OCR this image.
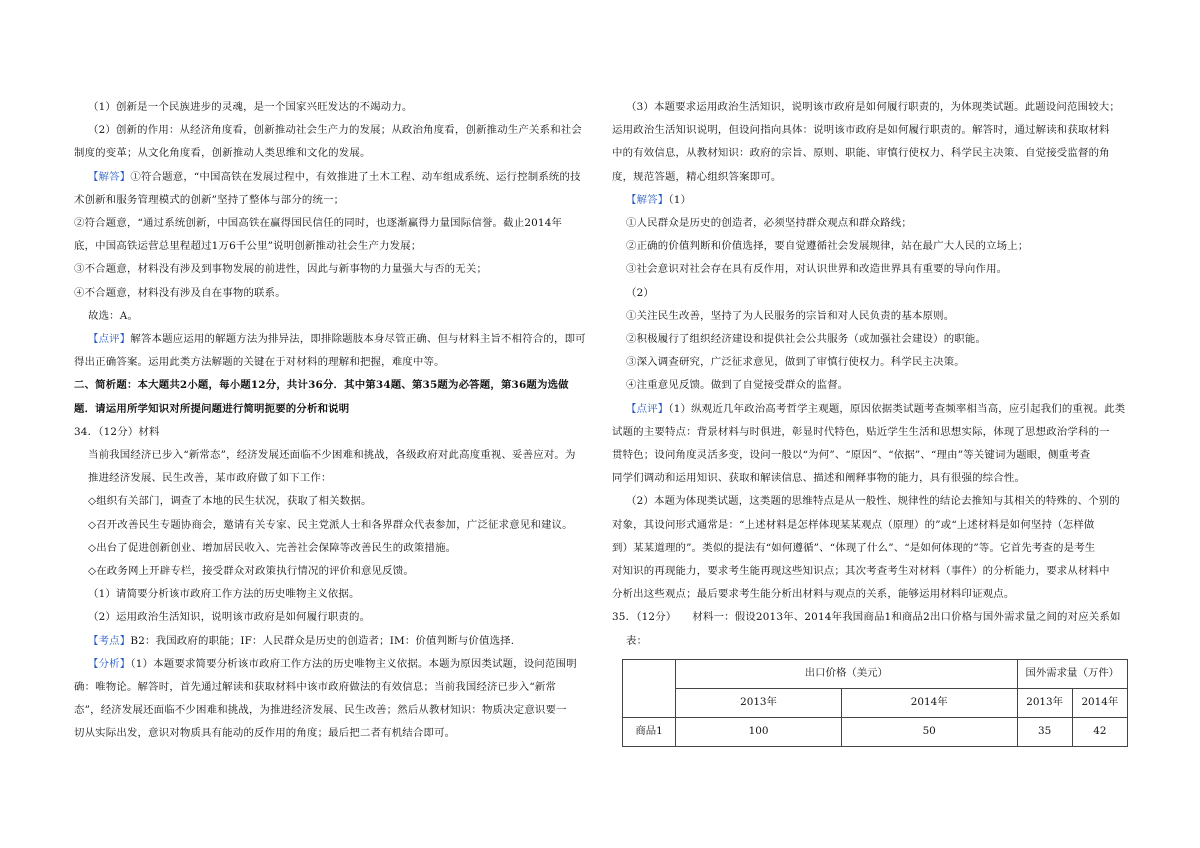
（1）创新是一个民族进步的灵魂，是一个国家兴旺发达的不竭动力。

（2）创新的作用：从经济角度看，创新推动社会生产力的发展；从政治角度看，创新推动生产关系和社会

制度的变革；从文化角度看，创新推动人类思维和文化的发展。

【解答】①符合题意，“中国高铁在发展过程中，有效推进了土木工程、动车组成系统、运行控制系统的技

术创新和服务管理模式的创新”坚持了整体与部分的统一；

②符合题意，“通过系统创新，中国高铁在赢得国民信任的同时，也逐渐赢得力量国际信誉。截止2014年

底，中国高铁运营总里程超过1万6千公里”说明创新推动社会生产力发展；

③不合题意，材料没有涉及到事物发展的前进性，因此与新事物的力量强大与否的无关；

④不合题意，材料没有涉及自在事物的联系。

故选：A。

【点评】解答本题应运用的解题方法为排异法，即排除题肢本身尽管正确、但与材料主旨不相符合的，即可

得出正确答案。运用此类方法解题的关键在于对材料的理解和把握，难度中等。

二、简析题：本大题共2小题，每小题12分，共计36分．其中第34题、第35题为必答题，第36题为选做

题．请运用所学知识对所提问题进行简明扼要的分析和说明

34．（12分）材料

当前我国经济已步入“新常态”，经济发展还面临不少困难和挑战，各级政府对此高度重视、妥善应对。为

推进经济发展、民生改善，某市政府做了如下工作：

◇组织有关部门，调查了本地的民生状况，获取了相关数据。

◇召开改善民生专题协商会，邀请有关专家、民主党派人士和各界群众代表参加，广泛征求意见和建议。

◇出台了促进创新创业、增加居民收入、完善社会保障等改善民生的政策措施。

◇在政务网上开辟专栏，接受群众对政策执行情况的评价和意见反馈。

（1）请简要分析该市政府工作方法的历史唯物主义依据。

（2）运用政治生活知识，说明该市政府是如何履行职责的。

【考点】B2：我国政府的职能；IF：人民群众是历史的创造者；IM：价值判断与价值选择.

【分析】（1）本题要求简要分析该市政府工作方法的历史唯物主义依据。本题为原因类试题，设问范围明

确：唯物论。解答时，首先通过解读和获取材料中该市政府做法的有效信息；当前我国经济已步入“新常

态”，经济发展还面临不少困难和挑战，为推进经济发展、民生改善；然后从教材知识：物质决定意识要一

切从实际出发，意识对物质具有能动的反作用的角度；最后把二者有机结合即可。

（3）本题要求运用政治生活知识，说明该市政府是如何履行职责的，为体现类试题。此题设问范围较大；

运用政治生活知识说明，但设问指向具体：说明该市政府是如何履行职责的。解答时，通过解读和获取材料

中的有效信息，从教材知识：政府的宗旨、原则、职能、审慎行使权力、科学民主决策、自觉接受监督的角

度，规范答题，精心组织答案即可。

【解答】（1）

①人民群众是历史的创造者，必须坚持群众观点和群众路线；

②正确的价值判断和价值选择，要自觉遵循社会发展规律，站在最广大人民的立场上；

③社会意识对社会存在具有反作用，对认识世界和改造世界具有重要的导向作用。

（2）

①关注民生改善，坚持了为人民服务的宗旨和对人民负责的基本原则。

②积极履行了组织经济建设和提供社会公共服务（或加强社会建设）的职能。

③深入调查研究，广泛征求意见，做到了审慎行使权力。科学民主决策。

④注重意见反馈。做到了自觉接受群众的监督。

【点评】（1）纵观近几年政治高考哲学主观题，原因依据类试题考查频率相当高，应引起我们的重视。此类

试题的主要特点：背景材料与时俱进，彰显时代特色，贴近学生生活和思想实际，体现了思想政治学科的一

贯特色；设问角度灵活多变，设问一般以“为何”、“原因”、“依据”、“理由”等关键词为题眼，侧重考查

同学们调动和运用知识、获取和解读信息、描述和阐释事物的能力，具有很强的综合性。

（2）本题为体现类试题，这类题的思维特点是从一般性、规律性的结论去推知与其相关的特殊的、个别的

对象，其设问形式通常是：“上述材料是怎样体现某某观点（原理）的”或“上述材料是如何坚持（怎样做

到）某某道理的”。类似的提法有“如何遵循”、“体现了什么”、“是如何体现的”等。它首先考查的是考生

对知识的再现能力，要求考生能再现这些知识点；其次考查考生对材料（事件）的分析能力，要求从材料中

分析出这些观点；最后要求考生能分析出材料与观点的关系，能够运用材料印证观点。

35．（12分）　　材料一：假设2013年、2014年我国商品1和商品2出口价格与国外需求量之间的对应关系如

表：

	出口价格（美元）		国外需求量（万件）	
	2013年	2014年	2013年	2014年
商品1	100	50	35	42
